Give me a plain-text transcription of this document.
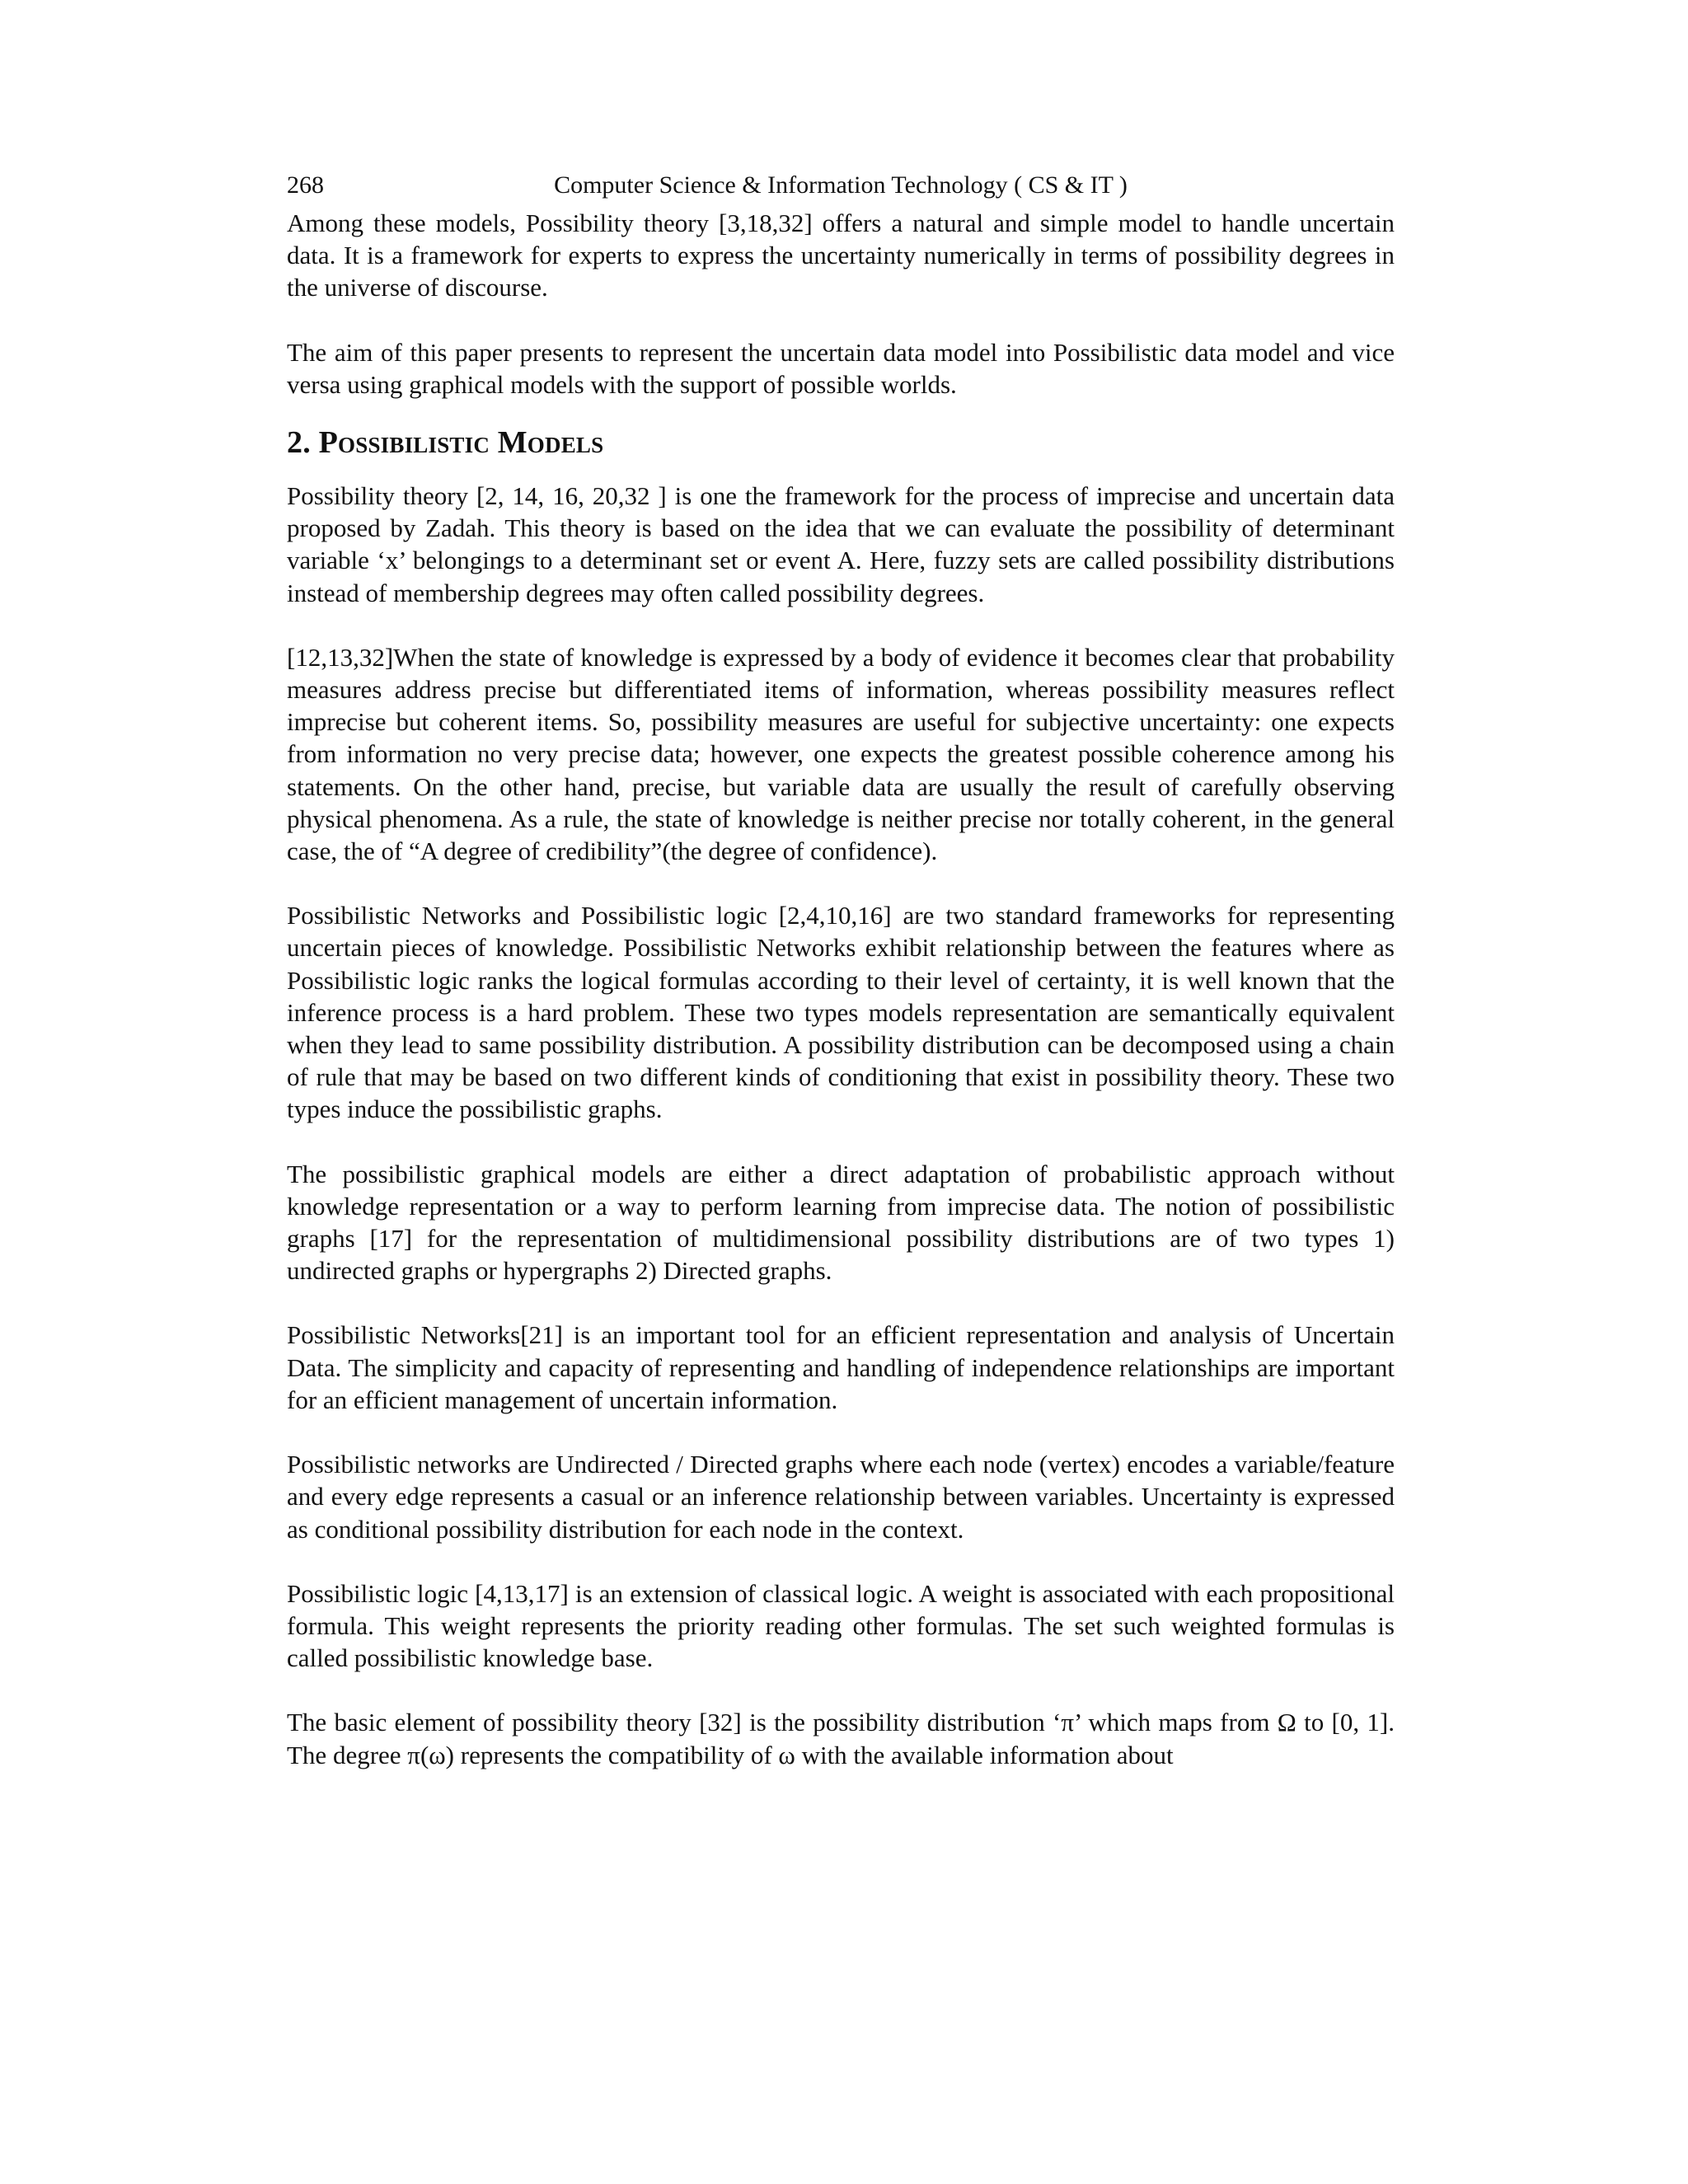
268	Computer Science & Information Technology ( CS & IT )

Among these models, Possibility theory [3,18,32] offers a natural and simple model to handle uncertain data. It is a framework for experts to express the uncertainty numerically in terms of possibility degrees in the universe of discourse.

The aim of this paper presents to represent the uncertain data model into Possibilistic data model and vice versa using graphical models with the support of possible worlds.

2. Possibilistic Models

Possibility theory [2, 14, 16, 20,32 ] is one the framework for the process of imprecise and uncertain data proposed by Zadah. This theory is based on the idea that we can evaluate the possibility of determinant variable ‘x’ belongings to a determinant set or event A. Here, fuzzy sets are called possibility distributions instead of membership degrees may often called possibility degrees.

[12,13,32]When the state of knowledge is expressed by a body of evidence it becomes clear that probability measures address precise but differentiated items of information, whereas possibility measures reflect imprecise but coherent items. So, possibility measures are useful for subjective uncertainty: one expects from information no very precise data; however, one expects the greatest possible coherence among his statements. On the other hand, precise, but variable data are usually the result of carefully observing physical phenomena. As a rule, the state of knowledge is neither precise nor totally coherent, in the general case, the of “A degree of credibility”(the degree of confidence).

Possibilistic Networks and Possibilistic logic [2,4,10,16] are two standard frameworks for representing uncertain pieces of knowledge. Possibilistic Networks exhibit relationship between the features where as Possibilistic logic ranks the logical formulas according to their level of certainty, it is well known that the inference process is a hard problem. These two types models representation are semantically equivalent when they lead to same possibility distribution. A possibility distribution can be decomposed using a chain of rule that may be based on two different kinds of conditioning that exist in possibility theory. These two types induce the possibilistic graphs.

The possibilistic graphical models are either a direct adaptation of probabilistic approach without knowledge representation or a way to perform learning from imprecise data. The notion of possibilistic graphs [17] for the representation of multidimensional possibility distributions are of two types 1) undirected graphs or hypergraphs 2) Directed graphs.

Possibilistic Networks[21] is an important tool for an efficient representation and analysis of Uncertain Data. The simplicity and capacity of representing and handling of independence relationships are important for an efficient management of uncertain information.

Possibilistic networks are Undirected / Directed graphs where each node (vertex) encodes a variable/feature and every edge represents a casual or an inference relationship between variables. Uncertainty is expressed as conditional possibility distribution for each node in the context.

Possibilistic logic [4,13,17] is an extension of classical logic. A weight is associated with each propositional formula. This weight represents the priority reading other formulas. The set such weighted formulas is called possibilistic knowledge base.

The basic element of possibility theory [32] is the possibility distribution ‘π’ which maps from Ω to [0, 1]. The degree π(ω) represents the compatibility of ω with the available information about
